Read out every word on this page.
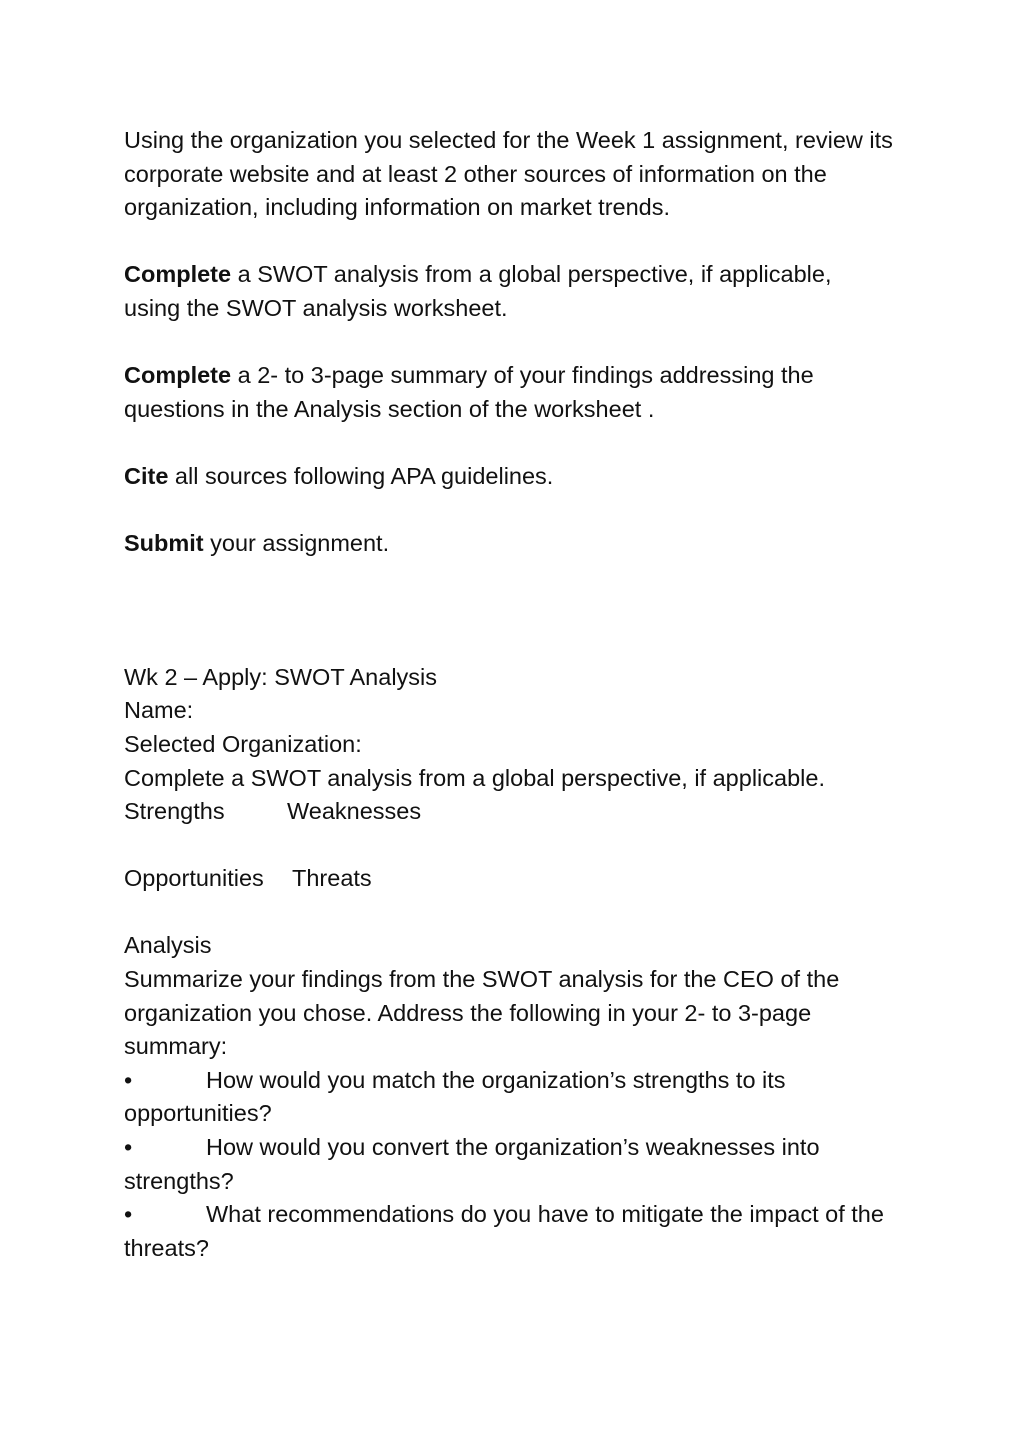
Using the organization you selected for the Week 1 assignment, review its corporate website and at least 2 other sources of information on the organization, including information on market trends.

Complete a SWOT analysis from a global perspective, if applicable, using the SWOT analysis worksheet.

Complete a 2- to 3-page summary of your findings addressing the questions in the Analysis section of the worksheet .

Cite all sources following APA guidelines.

Submit your assignment.

Wk 2 – Apply: SWOT Analysis

Name:

Selected Organization:

Complete a SWOT analysis from a global perspective, if applicable.

Strengths	Weaknesses

Opportunities Threats

Analysis

Summarize your findings from the SWOT analysis for the CEO of the organization you chose. Address the following in your 2- to 3-page summary:

•	How would you match the organization’s strengths to its opportunities?

•	How would you convert the organization’s weaknesses into strengths?

•	What recommendations do you have to mitigate the impact of the threats?
